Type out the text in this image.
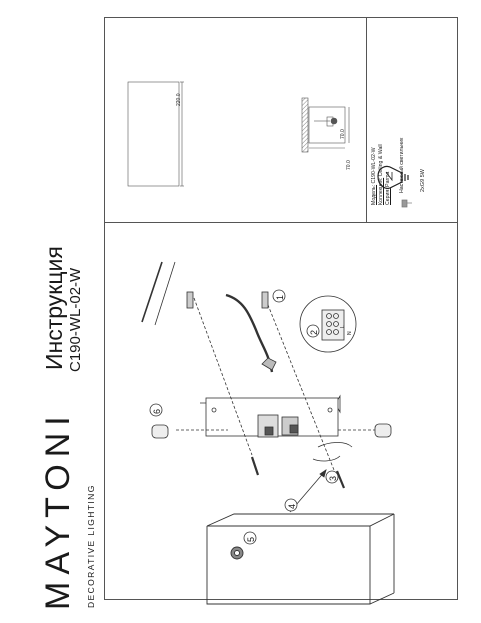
MAYTONI DECORATIVE LIGHTING
Инструкция C190-WL-02-W
Модель: C190-WL-02-W
Коллекция: Ceiling & Wall
Серия: Parma Настенный светильник	2xG9 5W
220.0
70.0
70.0
1
2
3
4
5
6
L
N
